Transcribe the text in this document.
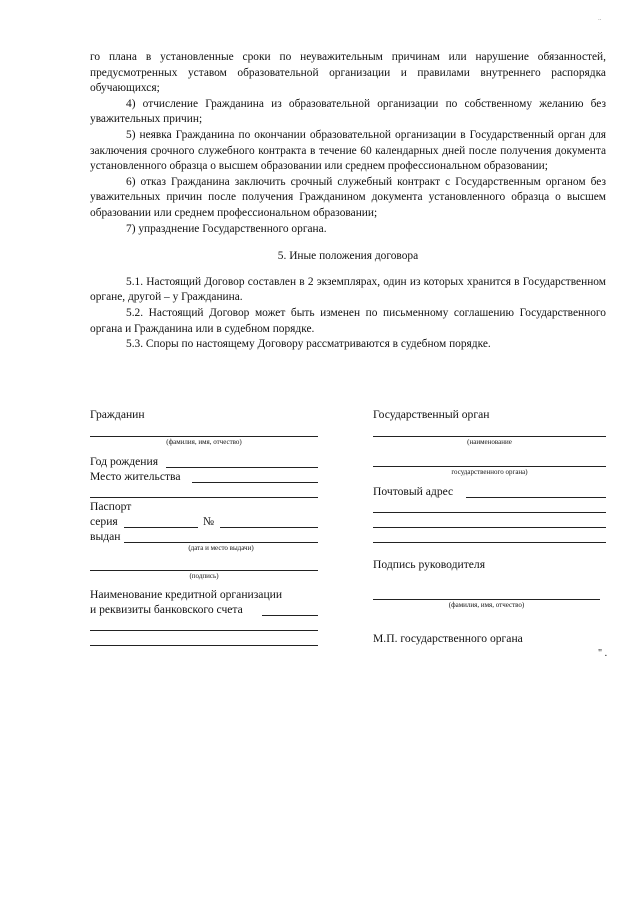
..

го плана в установленные сроки по неуважительным причинам или нарушение обязанностей, предусмотренных уставом образовательной организации и правилами внутреннего распорядка обучающихся;

4) отчисление Гражданина из образовательной организации по собственному желанию без уважительных причин;

5) неявка Гражданина по окончании образовательной организации в Государственный орган для заключения срочного служебного контракта в течение 60 календарных дней после получения документа установленного образца о высшем образовании или среднем профессиональном образовании;

6) отказ Гражданина заключить срочный служебный контракт с Государственным органом без уважительных причин после получения Гражданином документа установленного образца о высшем образовании или среднем профессиональном образовании;

7) упразднение Государственного органа.

5. Иные положения договора

5.1. Настоящий Договор составлен в 2 экземплярах, один из которых хранится в Государственном органе, другой – у Гражданина.

5.2. Настоящий Договор может быть изменен по письменному соглашению Государственного органа и Гражданина или в судебном порядке.

5.3. Споры по настоящему Договору рассматриваются в судебном порядке.

Гражданин
(фамилия, имя, отчество)
Год рождения
Место жительства
Паспорт
серия	№
выдан
(дата и место выдачи)
(подпись)
Наименование кредитной организации
и реквизиты банковского счета
Государственный орган
(наименование
государственного органа)
Почтовый адрес
Подпись руководителя
(фамилия, имя, отчество)
М.П. государственного органа
" .
